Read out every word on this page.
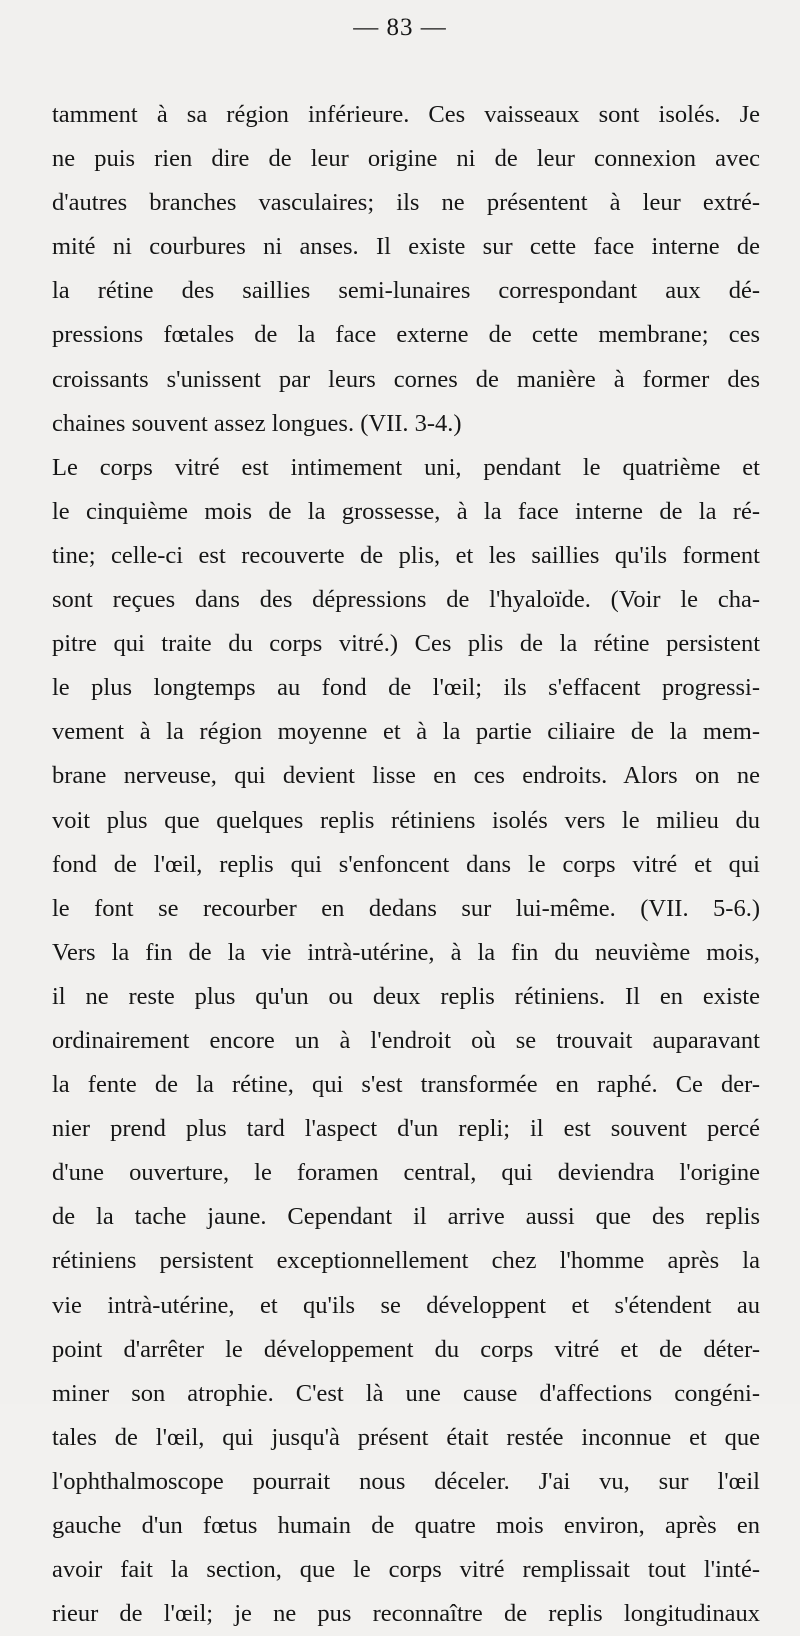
— 83 —
tamment à sa région inférieure. Ces vaisseaux sont isolés. Je
ne puis rien dire de leur origine ni de leur connexion avec
d'autres branches vasculaires; ils ne présentent à leur extré-
mité ni courbures ni anses. Il existe sur cette face interne de
la rétine des saillies semi-lunaires correspondant aux dé-
pressions fœtales de la face externe de cette membrane; ces
croissants s'unissent par leurs cornes de manière à former des
chaines souvent assez longues. (VII. 3-4.)
Le corps vitré est intimement uni, pendant le quatrième et
le cinquième mois de la grossesse, à la face interne de la ré-
tine; celle-ci est recouverte de plis, et les saillies qu'ils forment
sont reçues dans des dépressions de l'hyaloïde. (Voir le cha-
pitre qui traite du corps vitré.) Ces plis de la rétine persistent
le plus longtemps au fond de l'œil; ils s'effacent progressi-
vement à la région moyenne et à la partie ciliaire de la mem-
brane nerveuse, qui devient lisse en ces endroits. Alors on ne
voit plus que quelques replis rétiniens isolés vers le milieu du
fond de l'œil, replis qui s'enfoncent dans le corps vitré et qui
le font se recourber en dedans sur lui-même. (VII. 5-6.)
Vers la fin de la vie intrà-utérine, à la fin du neuvième mois,
il ne reste plus qu'un ou deux replis rétiniens. Il en existe
ordinairement encore un à l'endroit où se trouvait auparavant
la fente de la rétine, qui s'est transformée en raphé. Ce der-
nier prend plus tard l'aspect d'un repli; il est souvent percé
d'une ouverture, le foramen central, qui deviendra l'origine
de la tache jaune. Cependant il arrive aussi que des replis
rétiniens persistent exceptionnellement chez l'homme après la
vie intrà-utérine, et qu'ils se développent et s'étendent au
point d'arrêter le développement du corps vitré et de déter-
miner son atrophie. C'est là une cause d'affections congéni-
tales de l'œil, qui jusqu'à présent était restée inconnue et que
l'ophthalmoscope pourrait nous déceler. J'ai vu, sur l'œil
gauche d'un fœtus humain de quatre mois environ, après en
avoir fait la section, que le corps vitré remplissait tout l'inté-
rieur de l'œil; je ne pus reconnaître de replis longitudinaux
